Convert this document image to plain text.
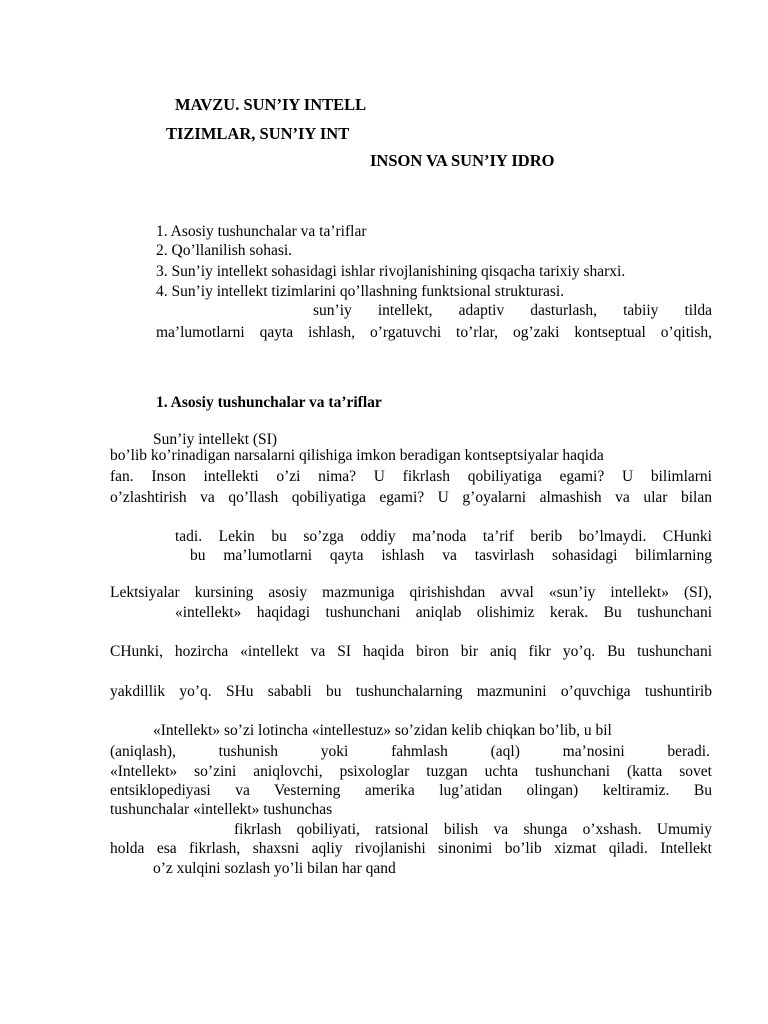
MAVZU. SUN’IY INTELL
TIZIMLAR, SUN’IY INT
INSON VA SUN’IY IDRO
1. Asosiy tushunchalar va ta’riflar
2. Qo’llanilish sohasi.
3. Sun’iy intellekt sohasidagi ishlar rivojlanishining qisqacha tarixiy sharxi.
4. Sun’iy intellekt tizimlarini qo’llashning funktsional strukturasi.
sun’iy intellekt, adaptiv dasturlash, tabiiy tilda
ma’lumotlarni qayta ishlash, o’rgatuvchi to’rlar, og’zaki kontseptual o’qitish,
1. Asosiy tushunchalar va ta’riflar
Sun’iy intellekt (SI)
bo’lib ko’rinadigan narsalarni qilishiga imkon beradigan kontseptsiyalar haqida
fan. Inson intellekti o’zi nima? U fikrlash qobiliyatiga egami? U bilimlarni
o’zlashtirish va qo’llash qobiliyatiga egami? U g’oyalarni almashish va ular bilan
tadi. Lekin bu so’zga oddiy ma’noda ta’rif berib bo’lmaydi. CHunki
bu ma’lumotlarni qayta ishlash va tasvirlash sohasidagi bilimlarning
Lektsiyalar kursining asosiy mazmuniga qirishishdan avval «sun’iy intellekt» (SI),
«intellekt» haqidagi tushunchani aniqlab olishimiz kerak. Bu tushunchani
CHunki, hozircha «intellekt va SI haqida biron bir aniq fikr yo’q. Bu tushunchani
yakdillik yo’q. SHu sababli bu tushunchalarning mazmunini o’quvchiga tushuntirib
«Intellekt» so’zi lotincha «intellestuz» so’zidan kelib chiqkan bo’lib, u bil
(aniqlash), tushunish yoki fahmlash (aql) ma’nosini beradi.
«Intellekt» so’zini aniqlovchi, psixologlar tuzgan uchta tushunchani (katta sovet
entsiklopediyasi va Vesterning amerika lug’atidan olingan) keltiramiz. Bu
tushunchalar «intellekt» tushunchas
fikrlash qobiliyati, ratsional bilish va shunga o’xshash. Umumiy
holda esa fikrlash, shaxsni aqliy rivojlanishi sinonimi bo’lib xizmat qiladi. Intellekt
o’z xulqini sozlash yo’li bilan har qand
